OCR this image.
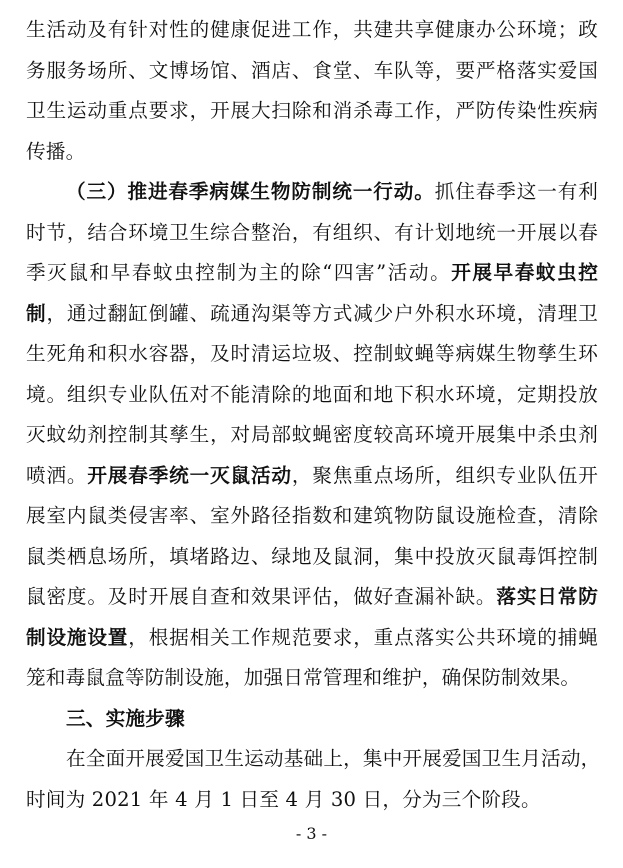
生活动及有针对性的健康促进工作，共建共享健康办公环境；政
务服务场所、文博场馆、酒店、食堂、车队等，要严格落实爱国
卫生运动重点要求，开展大扫除和消杀毒工作，严防传染性疾病
传播。
（三）推进春季病媒生物防制统一行动。抓住春季这一有利
时节，结合环境卫生综合整治，有组织、有计划地统一开展以春
季灭鼠和早春蚊虫控制为主的除“四害”活动。开展早春蚊虫控
制，通过翻缸倒罐、疏通沟渠等方式减少户外积水环境，清理卫
生死角和积水容器，及时清运垃圾、控制蚊蝇等病媒生物孳生环
境。组织专业队伍对不能清除的地面和地下积水环境，定期投放
灭蚊幼剂控制其孳生，对局部蚊蝇密度较高环境开展集中杀虫剂
喷洒。开展春季统一灭鼠活动，聚焦重点场所，组织专业队伍开
展室内鼠类侵害率、室外路径指数和建筑物防鼠设施检查，清除
鼠类栖息场所，填堵路边、绿地及鼠洞，集中投放灭鼠毒饵控制
鼠密度。及时开展自查和效果评估，做好查漏补缺。落实日常防
制设施设置，根据相关工作规范要求，重点落实公共环境的捕蝇
笼和毒鼠盒等防制设施，加强日常管理和维护，确保防制效果。
三、实施步骤
在全面开展爱国卫生运动基础上，集中开展爱国卫生月活动，
时间为 2021 年 4 月 1 日至 4 月 30 日，分为三个阶段。
- 3 -
